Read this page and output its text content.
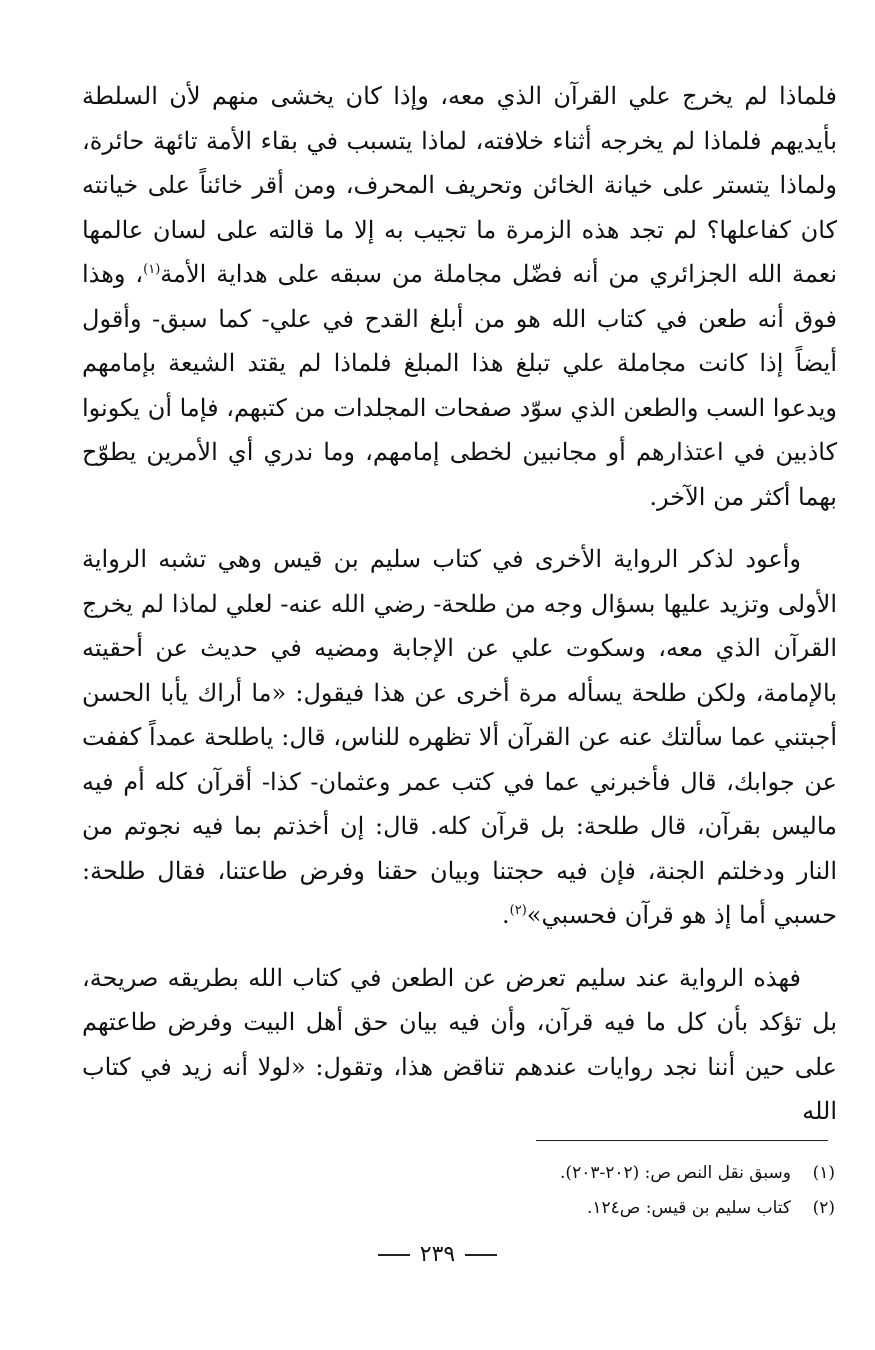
فلماذا لم يخرج علي القرآن الذي معه، وإذا كان يخشى منهم لأن السلطة بأيديهم فلماذا لم يخرجه أثناء خلافته، لماذا يتسبب في بقاء الأمة تائهة حائرة، ولماذا يتستر على خيانة الخائن وتحريف المحرف، ومن أقر خائناً على خيانته كان كفاعلها؟ لم تجد هذه الزمرة ما تجيب به إلا ما قالته على لسان عالمها نعمة الله الجزائري من أنه فضّل مجاملة من سبقه على هداية الأمة$^{(١)}$، وهذا فوق أنه طعن في كتاب الله هو من أبلغ القدح في علي- كما سبق- وأقول أيضاً إذا كانت مجاملة علي تبلغ هذا المبلغ فلماذا لم يقتد الشيعة بإمامهم ويدعوا السب والطعن الذي سوّد صفحات المجلدات من كتبهم، فإما أن يكونوا كاذبين في اعتذارهم أو مجانبين لخطى إمامهم، وما ندري أي الأمرين يطوّح بهما أكثر من الآخر.

وأعود لذكر الرواية الأخرى في كتاب سليم بن قيس وهي تشبه الرواية الأولى وتزيد عليها بسؤال وجه من طلحة- رضي الله عنه- لعلي لماذا لم يخرج القرآن الذي معه، وسكوت علي عن الإجابة ومضيه في حديث عن أحقيته بالإمامة، ولكن طلحة يسأله مرة أخرى عن هذا فيقول: «ما أراك يأبا الحسن أجبتني عما سألتك عنه عن القرآن ألا تظهره للناس، قال: ياطلحة عمداً كففت عن جوابك، قال فأخبرني عما في كتب عمر وعثمان- كذا- أقرآن كله أم فيه ماليس بقرآن، قال طلحة: بل قرآن كله. قال: إن أخذتم بما فيه نجوتم من النار ودخلتم الجنة، فإن فيه حجتنا وبيان حقنا وفرض طاعتنا، فقال طلحة: حسبي أما إذ هو قرآن فحسبي»$^{(٢)}$.

فهذه الرواية عند سليم تعرض عن الطعن في كتاب الله بطريقه صريحة، بل تؤكد بأن كل ما فيه قرآن، وأن فيه بيان حق أهل البيت وفرض طاعتهم على حين أننا نجد روايات عندهم تناقض هذا، وتقول: «لولا أنه زيد في كتاب الله

(١)وسبق نقل النص ص: (٢٠٢-٢٠٣).
(٢)كتاب سليم بن قيس: ص١٢٤.
٢٣٩
